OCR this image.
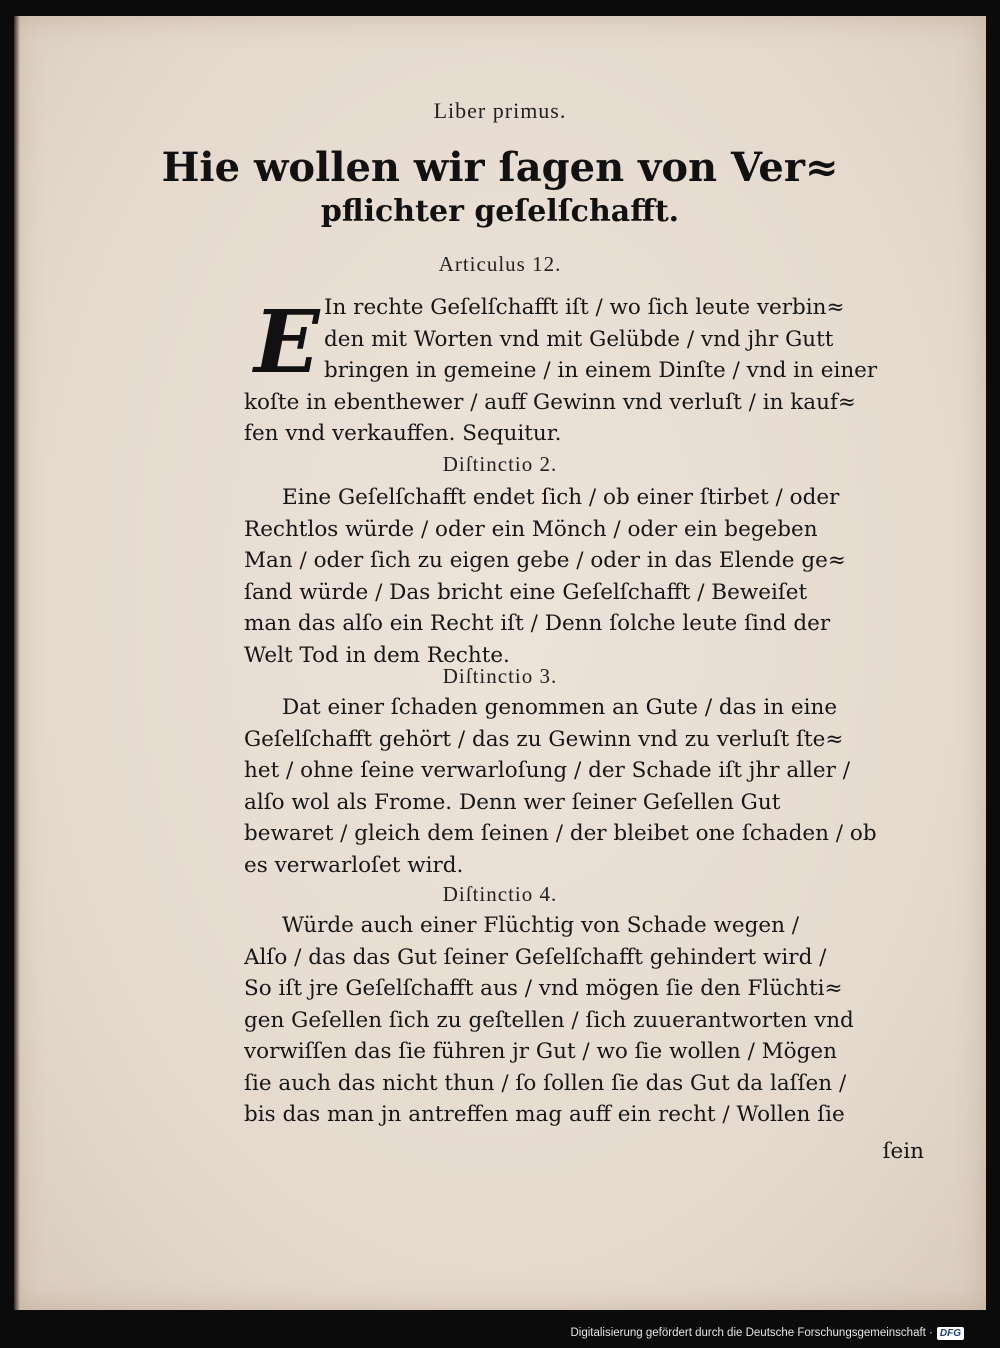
Liber primus.
Hie wollen wir ſagen von Ver≈
pflichter geſelſchafft.
Articulus 12.
E In rechte Geſelſchafft iſt / wo ſich leute verbin≈
den mit Worten vnd mit Gelübde / vnd jhr Gutt
bringen in gemeine / in einem Dinſte / vnd in einer
koſte in ebenthewer / auff Gewinn vnd verluſt / in kauf≈
fen vnd verkauffen. Sequitur.
Diſtinctio 2.
Eine Geſelſchafft endet ſich / ob einer ſtirbet / oder
Rechtlos würde / oder ein Mönch / oder ein begeben
Man / oder ſich zu eigen gebe / oder in das Elende ge≈
ſand würde / Das bricht eine Geſelſchafft / Beweiſet
man das alſo ein Recht iſt / Denn ſolche leute ſind der
Welt Tod in dem Rechte.
Diſtinctio 3.
Dat einer ſchaden genommen an Gute / das in eine
Geſelſchafft gehört / das zu Gewinn vnd zu verluſt ſte≈
het / ohne ſeine verwarloſung / der Schade iſt jhr aller /
alſo wol als Frome. Denn wer ſeiner Geſellen Gut
bewaret / gleich dem ſeinen / der bleibet one ſchaden / ob
es verwarloſet wird.
Diſtinctio 4.
Würde auch einer Flüchtig von Schade wegen /
Alſo / das das Gut ſeiner Geſelſchafft gehindert wird /
So iſt jre Geſelſchafft aus / vnd mögen ſie den Flüchti≈
gen Geſellen ſich zu geſtellen / ſich zuuerantworten vnd
vorwiſſen das ſie führen jr Gut / wo ſie wollen / Mögen
ſie auch das nicht thun / ſo ſollen ſie das Gut da laſſen /
bis das man jn antreffen mag auff ein recht / Wollen ſie
ſein
Digitalisierung gefördert durch die Deutsche Forschungsgemeinschaft · DFG
